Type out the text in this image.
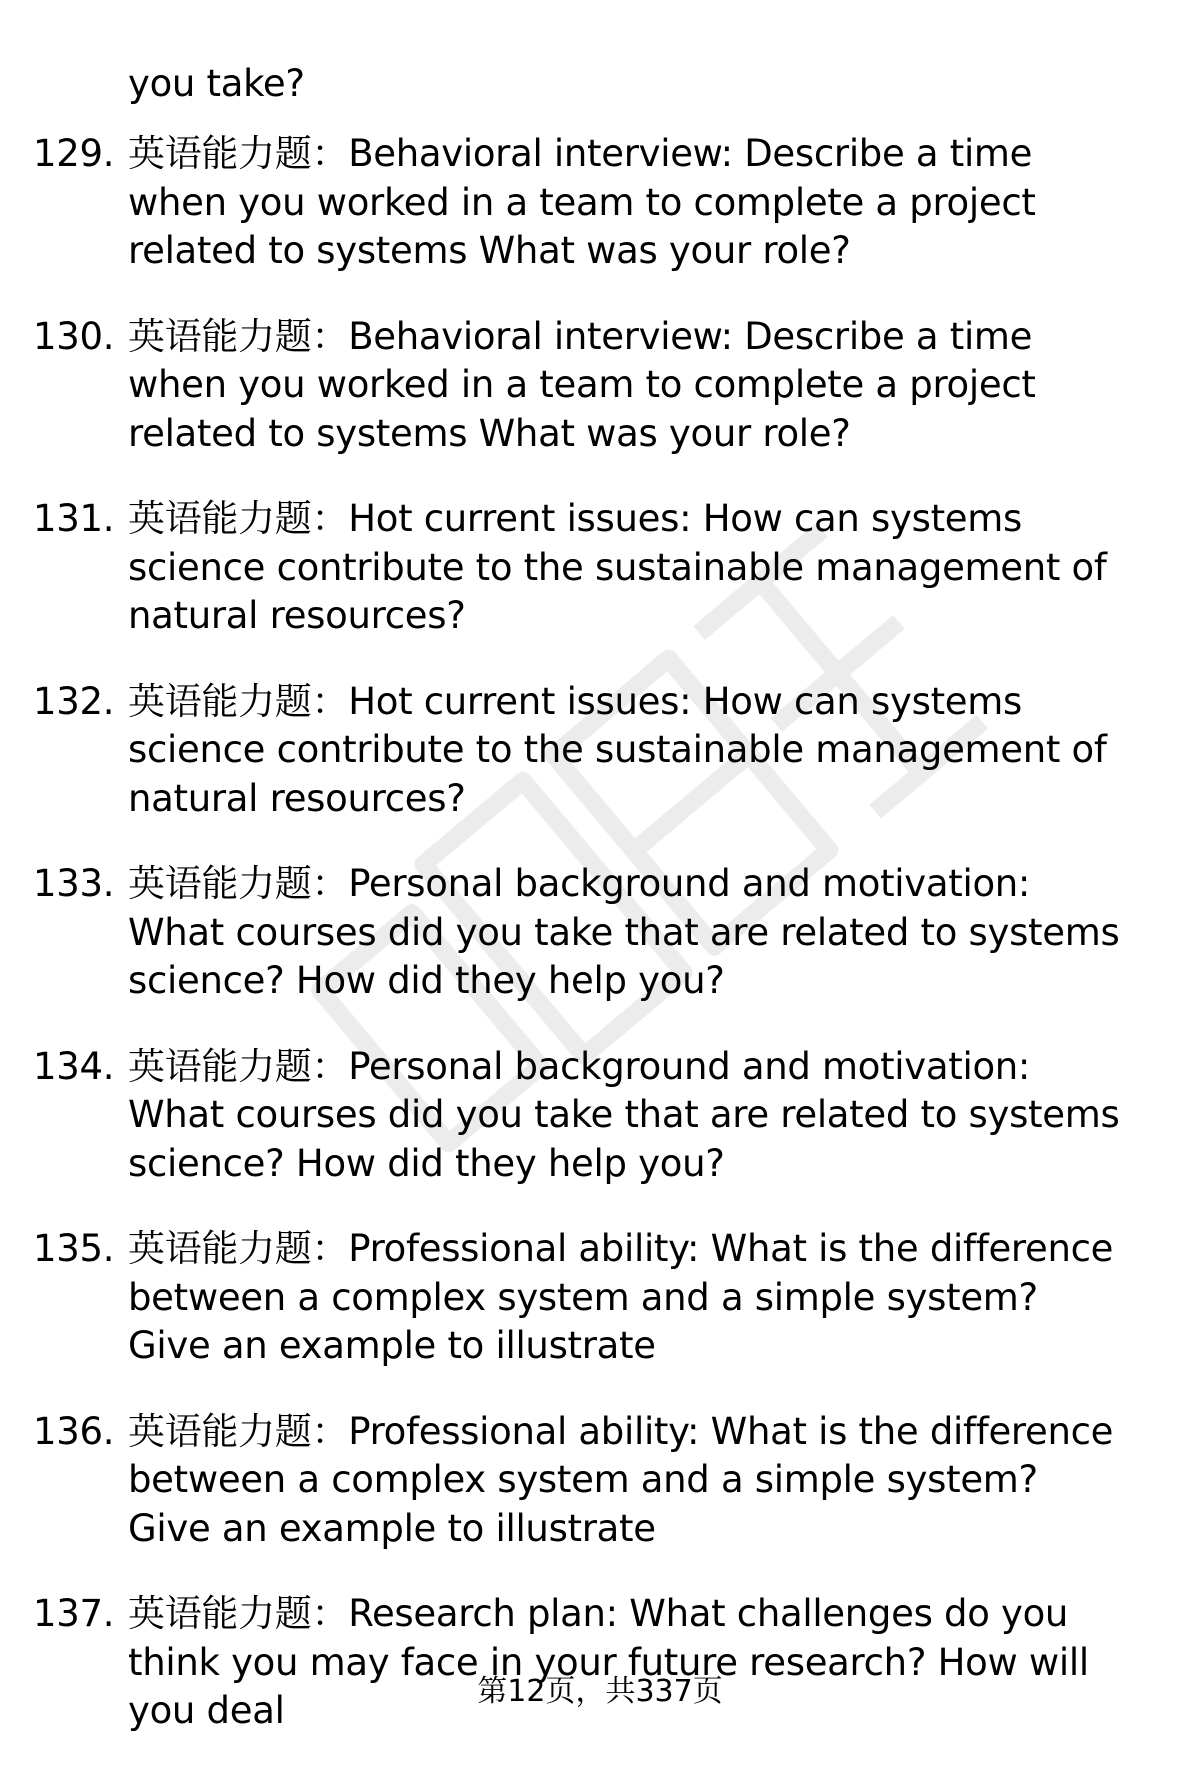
you take?
129. 英语能力题：Behavioral interview: Describe a time when you worked in a team to complete a project related to systems What was your role?
130. 英语能力题：Behavioral interview: Describe a time when you worked in a team to complete a project related to systems What was your role?
131. 英语能力题：Hot current issues: How can systems science contribute to the sustainable management of natural resources?
132. 英语能力题：Hot current issues: How can systems science contribute to the sustainable management of natural resources?
133. 英语能力题：Personal background and motivation: What courses did you take that are related to systems science? How did they help you?
134. 英语能力题：Personal background and motivation: What courses did you take that are related to systems science? How did they help you?
135. 英语能力题：Professional ability: What is the difference between a complex system and a simple system? Give an example to illustrate
136. 英语能力题：Professional ability: What is the difference between a complex system and a simple system? Give an example to illustrate
137. 英语能力题：Research plan: What challenges do you think you may face in your future research? How will you deal	第12页，共337页
